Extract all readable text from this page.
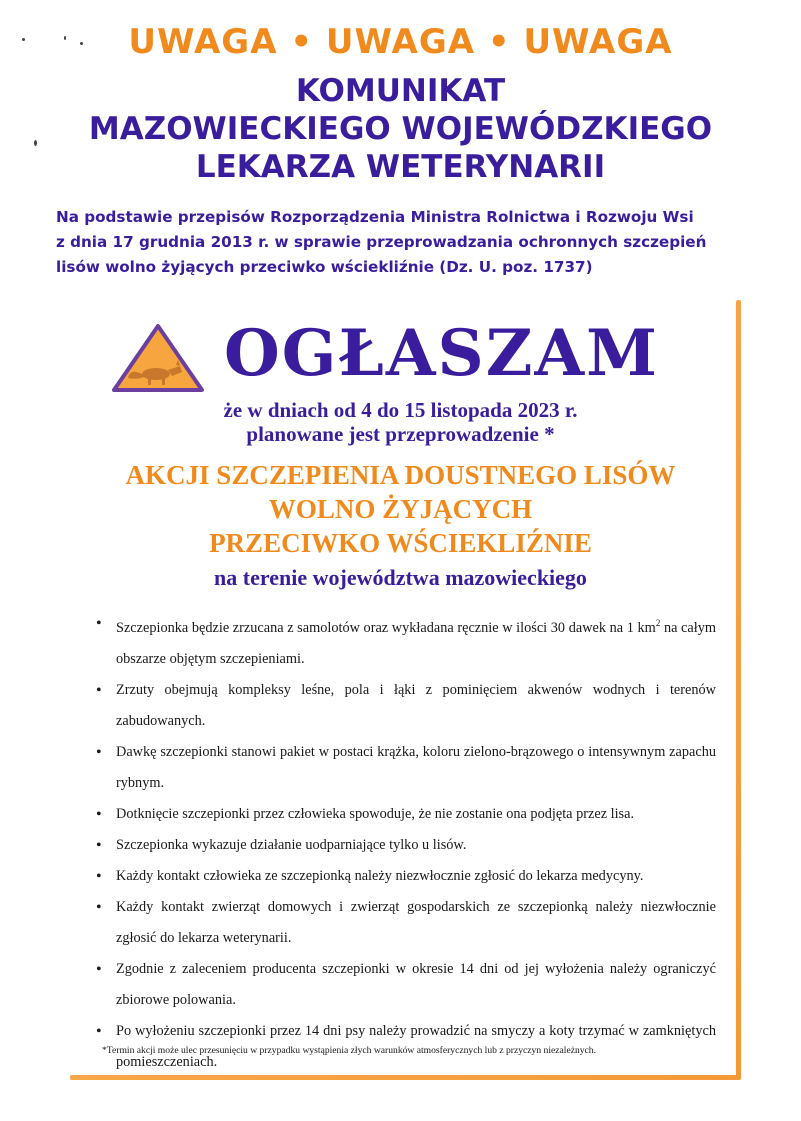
UWAGA • UWAGA • UWAGA
KOMUNIKAT
MAZOWIECKIEGO WOJEWÓDZKIEGO
LEKARZA WETERYNARII
Na podstawie przepisów Rozporządzenia Ministra Rolnictwa i Rozwoju Wsi
z dnia 17 grudnia 2013 r. w sprawie przeprowadzania ochronnych szczepień
lisów wolno żyjących przeciwko wściekliźnie (Dz. U. poz. 1737)
OGŁASZAM
że w dniach od 4 do 15 listopada 2023 r.
planowane jest przeprowadzenie *
AKCJI SZCZEPIENIA DOUSTNEGO LISÓW
WOLNO ŻYJĄCYCH
PRZECIWKO WŚCIEKLIŹNIE
na terenie województwa mazowieckiego
• Szczepionka będzie zrzucana z samolotów oraz wykładana ręcznie w ilości 30 dawek na 1 $km^2$ na całym obszarze objętym szczepieniami.
• Zrzuty obejmują kompleksy leśne, pola i łąki z pominięciem akwenów wodnych i terenów zabudowanych.
• Dawkę szczepionki stanowi pakiet w postaci krążka, koloru zielono-brązowego o intensywnym zapachu rybnym.
• Dotknięcie szczepionki przez człowieka spowoduje, że nie zostanie ona podjęta przez lisa.
• Szczepionka wykazuje działanie uodparniające tylko u lisów.
• Każdy kontakt człowieka ze szczepionką należy niezwłocznie zgłosić do lekarza medycyny.
• Każdy kontakt zwierząt domowych i zwierząt gospodarskich ze szczepionką należy niezwłocznie zgłosić do lekarza weterynarii.
• Zgodnie z zaleceniem producenta szczepionki w okresie 14 dni od jej wyłożenia należy ograniczyć zbiorowe polowania.
• Po wyłożeniu szczepionki przez 14 dni psy należy prowadzić na smyczy a koty trzymać w zamkniętych pomieszczeniach.
*Termin akcji może ulec przesunięciu w przypadku wystąpienia złych warunków atmosferycznych lub z przyczyn niezależnych.
